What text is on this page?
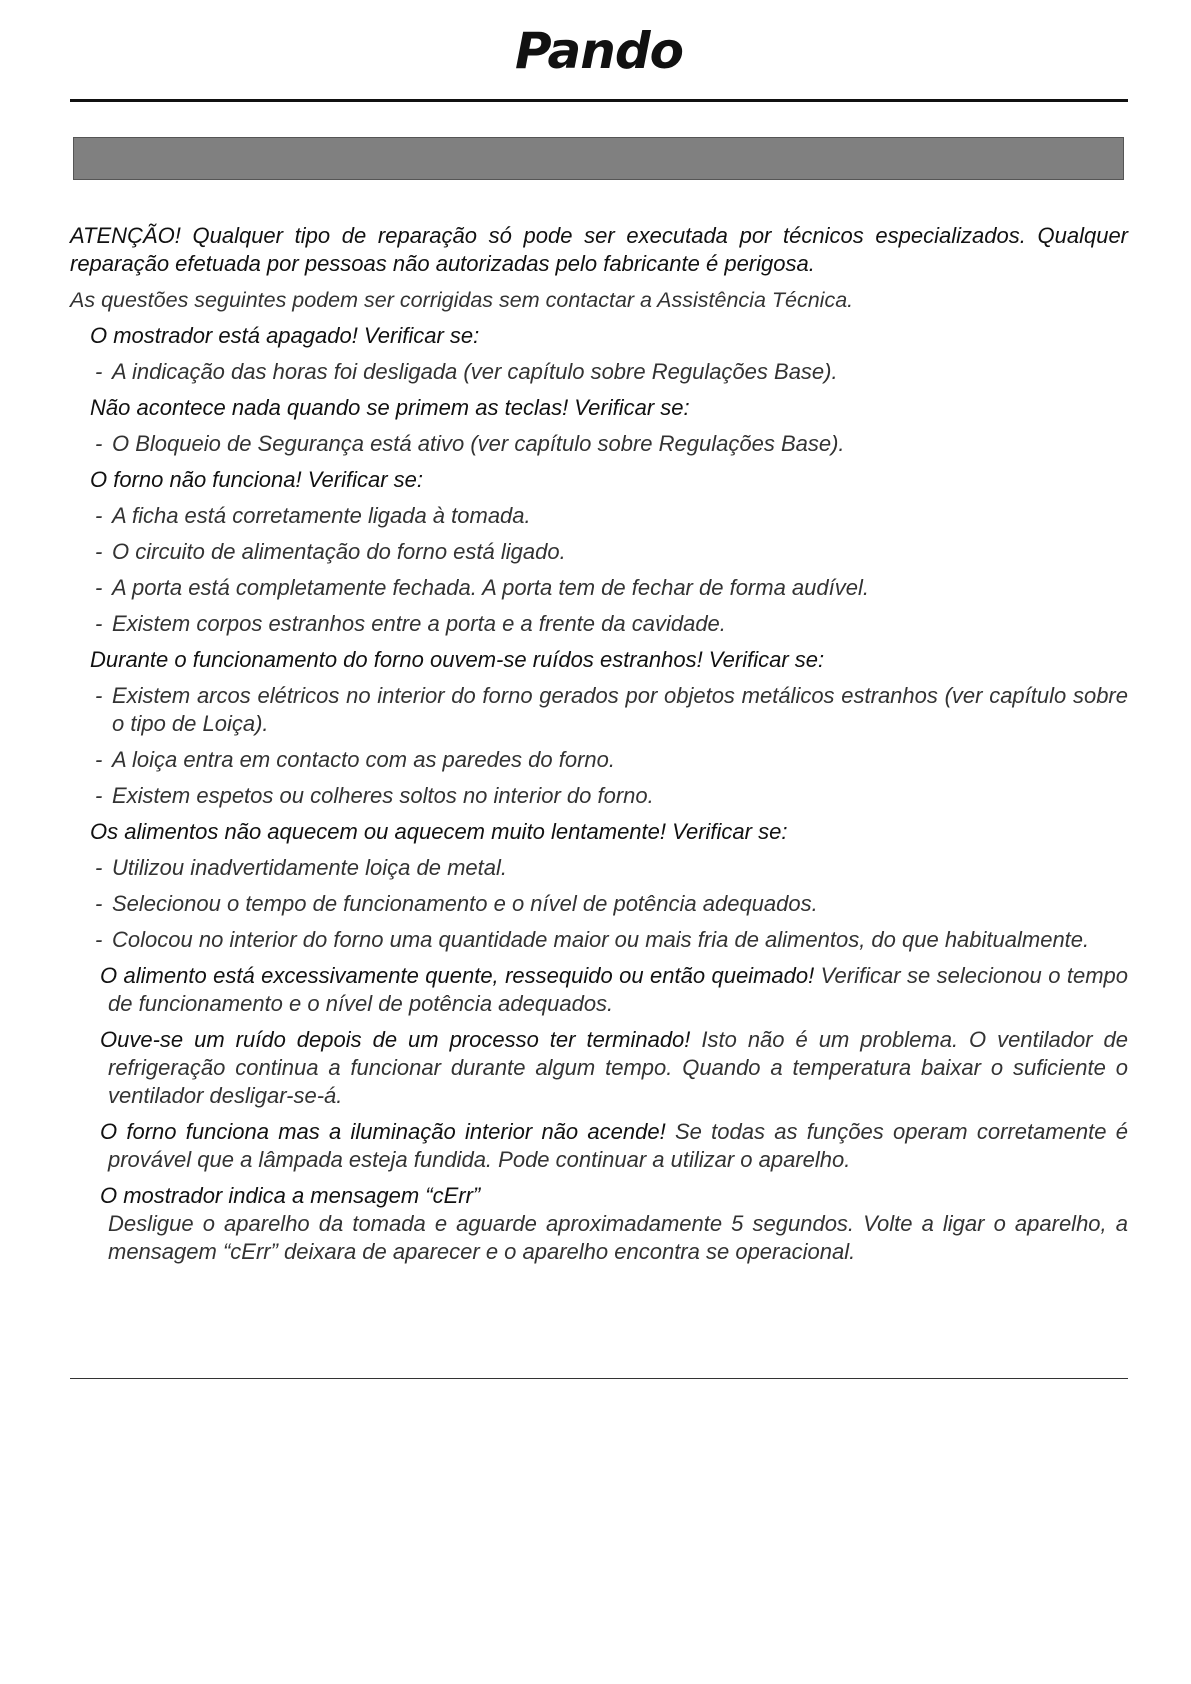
Pando

ATENÇÃO! Qualquer tipo de reparação só pode ser executada por técnicos especializados. Qualquer reparação efetuada por pessoas não autorizadas pelo fabricante é perigosa.

As questões seguintes podem ser corrigidas sem contactar a Assistência Técnica.

O mostrador está apagado! Verificar se:

- A indicação das horas foi desligada (ver capítulo sobre Regulações Base).

Não acontece nada quando se primem as teclas! Verificar se:

- O Bloqueio de Segurança está ativo (ver capítulo sobre Regulações Base).

O forno não funciona! Verificar se:

- A ficha está corretamente ligada à tomada.

- O circuito de alimentação do forno está ligado.

- A porta está completamente fechada. A porta tem de fechar de forma audível.

- Existem corpos estranhos entre a porta e a frente da cavidade.

Durante o funcionamento do forno ouvem-se ruídos estranhos! Verificar se:

- Existem arcos elétricos no interior do forno gerados por objetos metálicos estranhos (ver capítulo sobre o tipo de Loiça).

- A loiça entra em contacto com as paredes do forno.

- Existem espetos ou colheres soltos no interior do forno.

Os alimentos não aquecem ou aquecem muito lentamente! Verificar se:

- Utilizou inadvertidamente loiça de metal.

- Selecionou o tempo de funcionamento e o nível de potência adequados.

- Colocou no interior do forno uma quantidade maior ou mais fria de alimentos, do que habitualmente.

O alimento está excessivamente quente, ressequido ou então queimado! Verificar se selecionou o tempo de funcionamento e o nível de potência adequados.

Ouve-se um ruído depois de um processo ter terminado! Isto não é um problema. O ventilador de refrigeração continua a funcionar durante algum tempo. Quando a temperatura baixar o suficiente o ventilador desligar-se-á.

O forno funciona mas a iluminação interior não acende! Se todas as funções operam corretamente é provável que a lâmpada esteja fundida. Pode continuar a utilizar o aparelho.

O mostrador indica a mensagem “cErr”
Desligue o aparelho da tomada e aguarde aproximadamente 5 segundos. Volte a ligar o aparelho, a mensagem “cErr” deixara de aparecer e o aparelho encontra se operacional.
